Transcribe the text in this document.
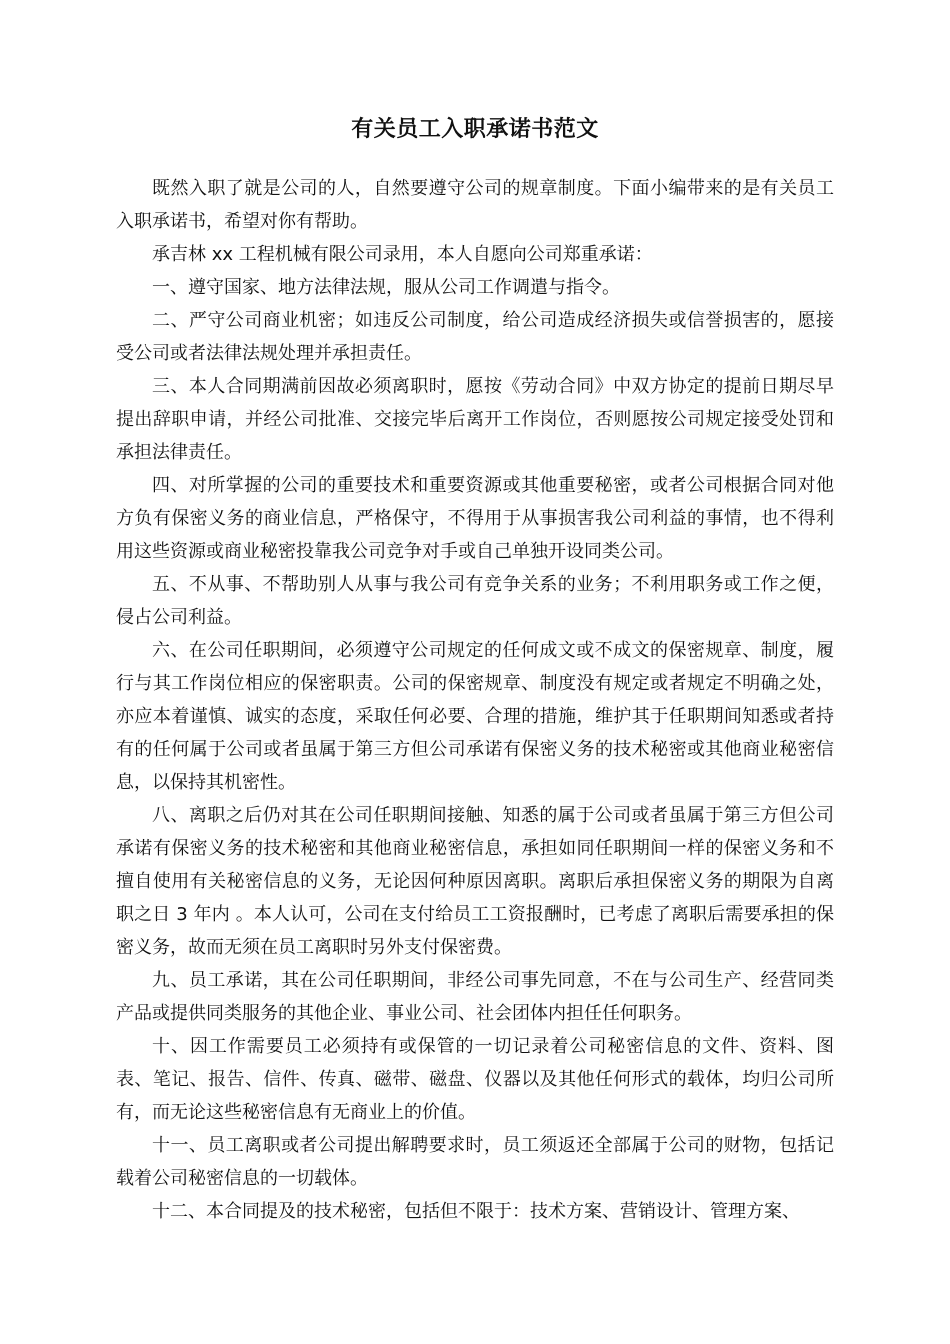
有关员工入职承诺书范文

既然入职了就是公司的人，自然要遵守公司的规章制度。下面小编带来的是有关员工入职承诺书，希望对你有帮助。

承吉林 xx 工程机械有限公司录用，本人自愿向公司郑重承诺：

一、遵守国家、地方法律法规，服从公司工作调遣与指令。

二、严守公司商业机密；如违反公司制度，给公司造成经济损失或信誉损害的，愿接受公司或者法律法规处理并承担责任。

三、本人合同期满前因故必须离职时，愿按《劳动合同》中双方协定的提前日期尽早提出辞职申请，并经公司批准、交接完毕后离开工作岗位，否则愿按公司规定接受处罚和承担法律责任。

四、对所掌握的公司的重要技术和重要资源或其他重要秘密，或者公司根据合同对他方负有保密义务的商业信息，严格保守，不得用于从事损害我公司利益的事情，也不得利用这些资源或商业秘密投靠我公司竞争对手或自己单独开设同类公司。

五、不从事、不帮助别人从事与我公司有竞争关系的业务；不利用职务或工作之便，侵占公司利益。

六、在公司任职期间，必须遵守公司规定的任何成文或不成文的保密规章、制度，履行与其工作岗位相应的保密职责。公司的保密规章、制度没有规定或者规定不明确之处，亦应本着谨慎、诚实的态度，采取任何必要、合理的措施，维护其于任职期间知悉或者持有的任何属于公司或者虽属于第三方但公司承诺有保密义务的技术秘密或其他商业秘密信息，以保持其机密性。

八、离职之后仍对其在公司任职期间接触、知悉的属于公司或者虽属于第三方但公司承诺有保密义务的技术秘密和其他商业秘密信息，承担如同任职期间一样的保密义务和不擅自使用有关秘密信息的义务，无论因何种原因离职。离职后承担保密义务的期限为自离职之日 3 年内 。本人认可，公司在支付给员工工资报酬时，已考虑了离职后需要承担的保密义务，故而无须在员工离职时另外支付保密费。

九、员工承诺，其在公司任职期间，非经公司事先同意，不在与公司生产、经营同类产品或提供同类服务的其他企业、事业公司、社会团体内担任任何职务。

十、因工作需要员工必须持有或保管的一切记录着公司秘密信息的文件、资料、图表、笔记、报告、信件、传真、磁带、磁盘、仪器以及其他任何形式的载体，均归公司所有，而无论这些秘密信息有无商业上的价值。

十一、员工离职或者公司提出解聘要求时，员工须返还全部属于公司的财物，包括记载着公司秘密信息的一切载体。

十二、本合同提及的技术秘密，包括但不限于：技术方案、营销设计、管理方案、
